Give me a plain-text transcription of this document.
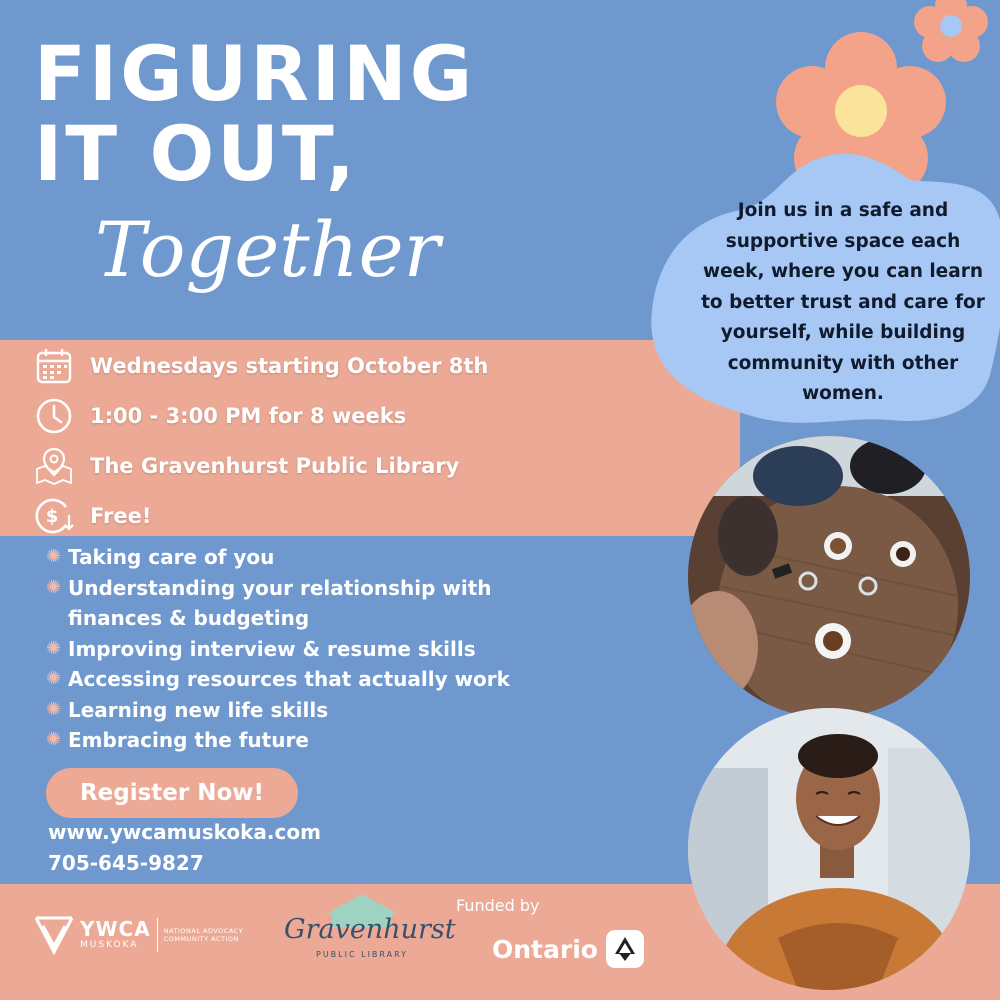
FIGURING
IT OUT,
Together
Wednesdays starting October 8th
1:00 - 3:00 PM for 8 weeks
The Gravenhurst Public Library
$ Free!
✺ Taking care of you
✺ Understanding your relationship with
finances & budgeting
✺ Improving interview & resume skills
✺ Accessing resources that actually work
✺ Learning new life skills
✺ Embracing the future
Register Now!
www.ywcamuskoka.com
705-645-9827
Join us in a safe and supportive space each week, where you can learn to better trust and care for yourself, while building community with other women.
YWCA
MUSKOKA
NATIONAL ADVOCACY COMMUNITY ACTION	Gravenhurst
PUBLIC LIBRARY
Funded by
Ontario
